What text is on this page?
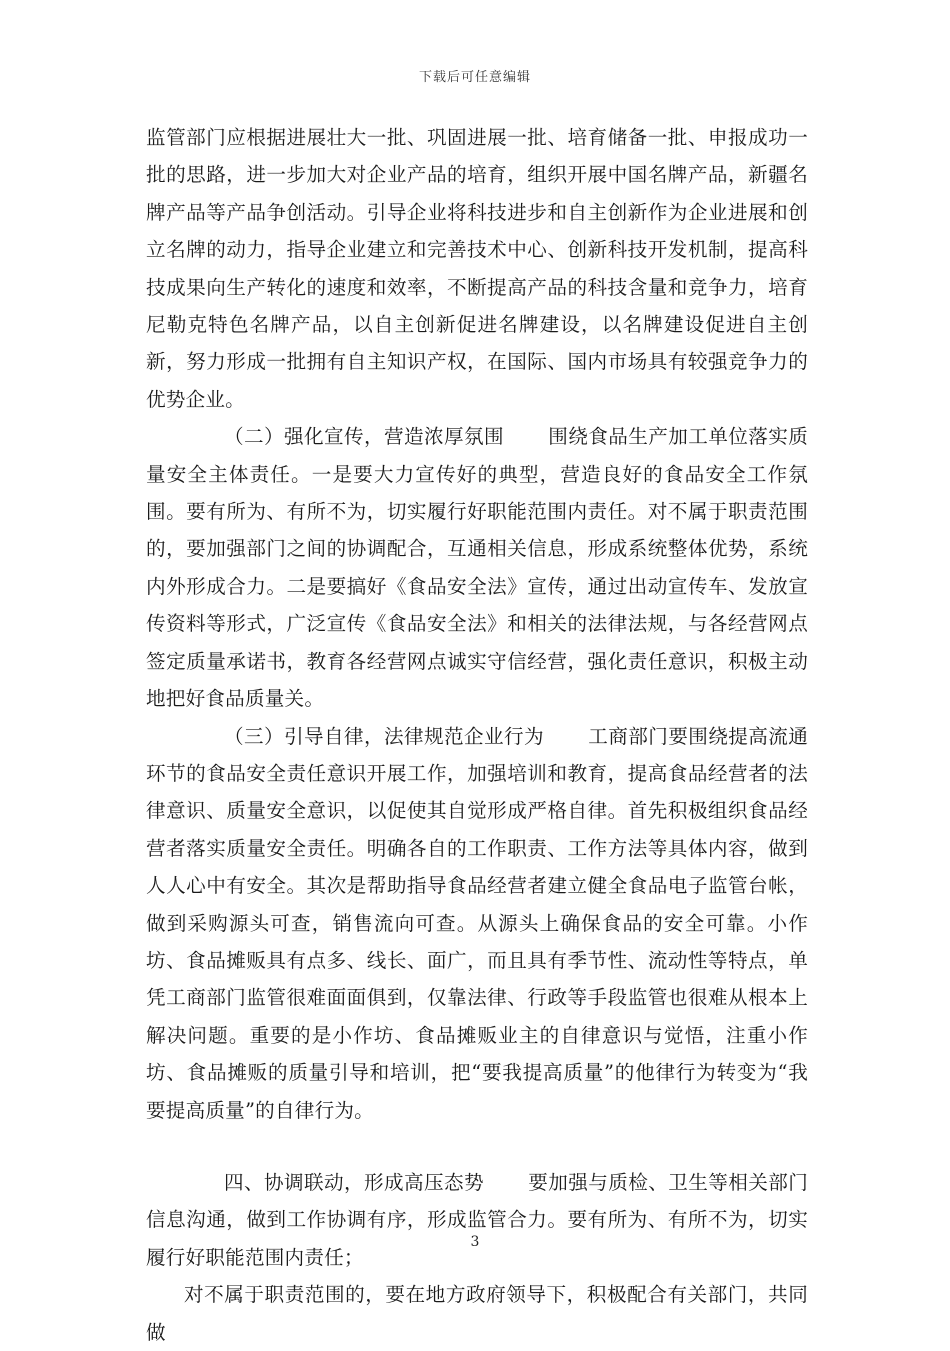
下载后可任意编辑

监管部门应根据进展壮大一批、巩固进展一批、培育储备一批、申报成功一批的思路，进一步加大对企业产品的培育，组织开展中国名牌产品，新疆名牌产品等产品争创活动。引导企业将科技进步和自主创新作为企业进展和创立名牌的动力，指导企业建立和完善技术中心、创新科技开发机制，提高科技成果向生产转化的速度和效率，不断提高产品的科技含量和竞争力，培育尼勒克特色名牌产品，以自主创新促进名牌建设，以名牌建设促进自主创新，努力形成一批拥有自主知识产权，在国际、国内市场具有较强竞争力的优势企业。

（二）强化宣传，营造浓厚氛围 围绕食品生产加工单位落实质量安全主体责任。一是要大力宣传好的典型，营造良好的食品安全工作氛围。要有所为、有所不为，切实履行好职能范围内责任。对不属于职责范围的，要加强部门之间的协调配合，互通相关信息，形成系统整体优势，系统内外形成合力。二是要搞好《食品安全法》宣传，通过出动宣传车、发放宣传资料等形式，广泛宣传《食品安全法》和相关的法律法规，与各经营网点签定质量承诺书，教育各经营网点诚实守信经营，强化责任意识，积极主动地把好食品质量关。

（三）引导自律，法律规范企业行为 工商部门要围绕提高流通环节的食品安全责任意识开展工作，加强培训和教育，提高食品经营者的法律意识、质量安全意识，以促使其自觉形成严格自律。首先积极组织食品经营者落实质量安全责任。明确各自的工作职责、工作方法等具体内容，做到人人心中有安全。其次是帮助指导食品经营者建立健全食品电子监管台帐，做到采购源头可查，销售流向可查。从源头上确保食品的安全可靠。小作坊、食品摊贩具有点多、线长、面广，而且具有季节性、流动性等特点，单凭工商部门监管很难面面俱到，仅靠法律、行政等手段监管也很难从根本上解决问题。重要的是小作坊、食品摊贩业主的自律意识与觉悟，注重小作坊、食品摊贩的质量引导和培训，把“要我提高质量”的他律行为转变为“我要提高质量”的自律行为。

四、协调联动，形成高压态势 要加强与质检、卫生等相关部门信息沟通，做到工作协调有序，形成监管合力。要有所为、有所不为，切实履行好职能范围内责任；

对不属于职责范围的，要在地方政府领导下，积极配合有关部门，共同做

3
